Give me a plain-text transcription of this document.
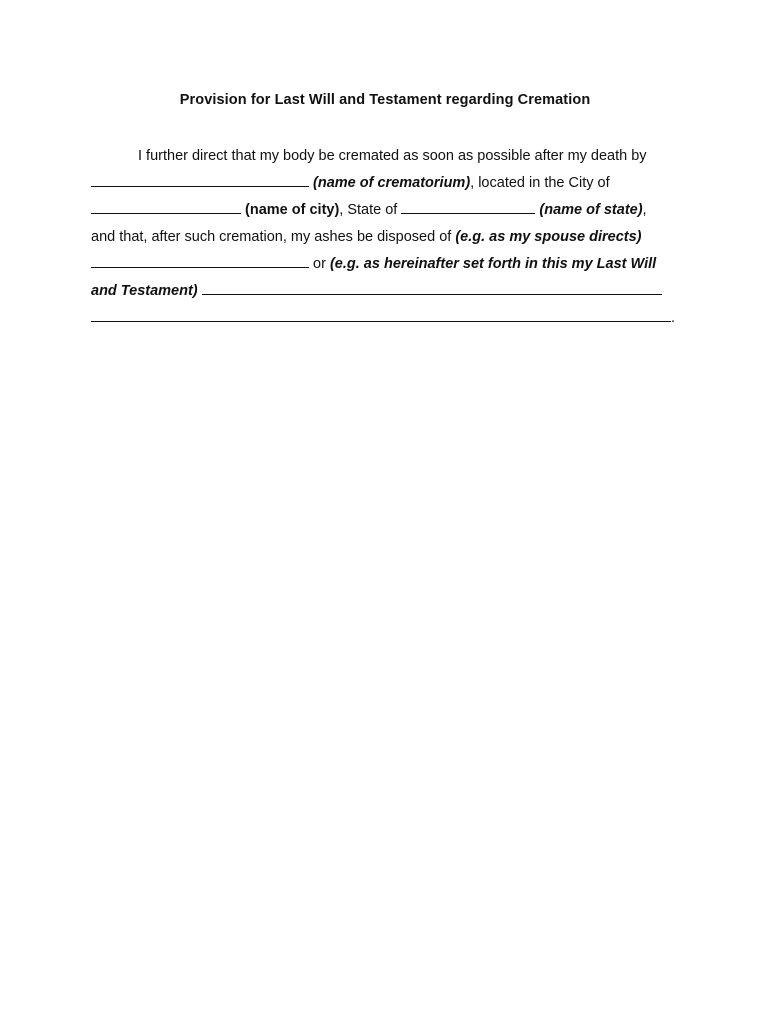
Provision for Last Will and Testament regarding Cremation
I further direct that my body be cremated as soon as possible after my death by
(name of crematorium), located in the City of
(name of city), State of	(name of state),
and that, after such cremation, my ashes be disposed of (e.g. as my spouse directs)
or (e.g. as hereinafter set forth in this my Last Will
and Testament)
.
